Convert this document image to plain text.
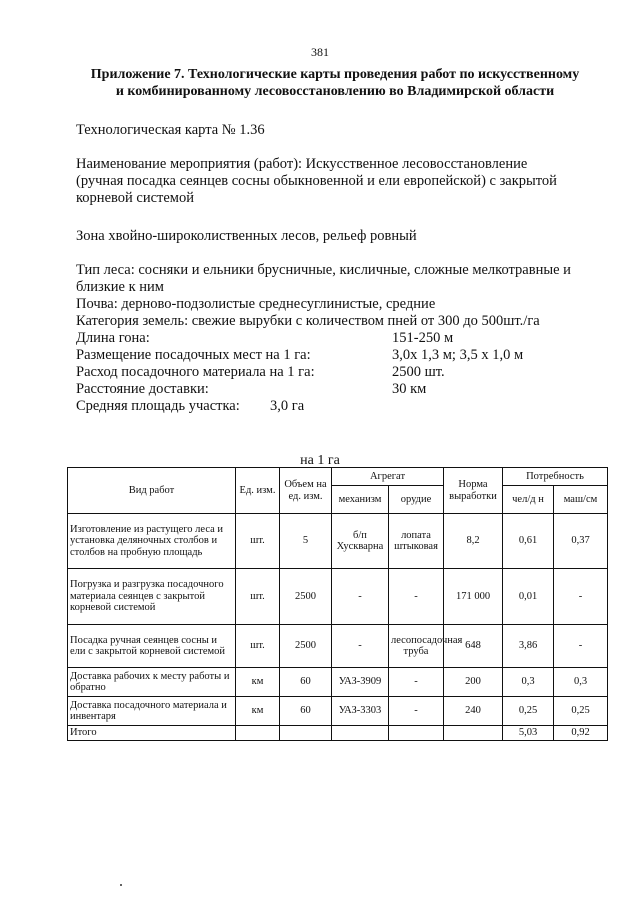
381
Приложение 7. Технологические карты проведения работ по искусственному
и комбинированному лесовосстановлению во Владимирской области
Технологическая карта № 1.36
Наименование мероприятия (работ): Искусственное лесовосстановление
(ручная посадка сеянцев сосны обыкновенной и ели европейской) с закрытой
корневой системой
Зона хвойно-широколиственных лесов, рельеф ровный
Тип леса: сосняки и ельники брусничные, кисличные, сложные мелкотравные и
близкие к ним
Почва: дерново-подзолистые среднесуглинистые, средние
Категория земель: свежие вырубки с количеством пней от 300 до 500шт./га
Длина гона:	151-250 м
Размещение посадочных мест на 1 га:	3,0х 1,3 м; 3,5 х 1,0 м
Расход посадочного материала на 1 га:	2500 шт.
Расстояние доставки:	30 км
Средняя площадь участка: 3,0 га
на 1 га
Вид работ	Ед. изм.	Объем на ед. изм.	Агрегат		Норма выработки	Потребность	
			механизм	орудие		чел/д н	маш/см
Изготовление из растущего леса и установка деляночных столбов и столбов на пробную площадь	шт.	5	б/п Хускварна	лопата штыковая	8,2	0,61	0,37
Погрузка и разгрузка посадочного материала сеянцев с закрытой корневой системой	шт.	2500	-	-	171 000	0,01	-
Посадка ручная сеянцев сосны и ели с закрытой корневой системой	шт.	2500	-	лесопосадочная труба	648	3,86	-
Доставка рабочих к месту работы и обратно	км	60	УАЗ-3909	-	200	0,3	0,3
Доставка посадочного материала и инвентаря	км	60	УАЗ-3303	-	240	0,25	0,25
Итого						5,03	0,92
